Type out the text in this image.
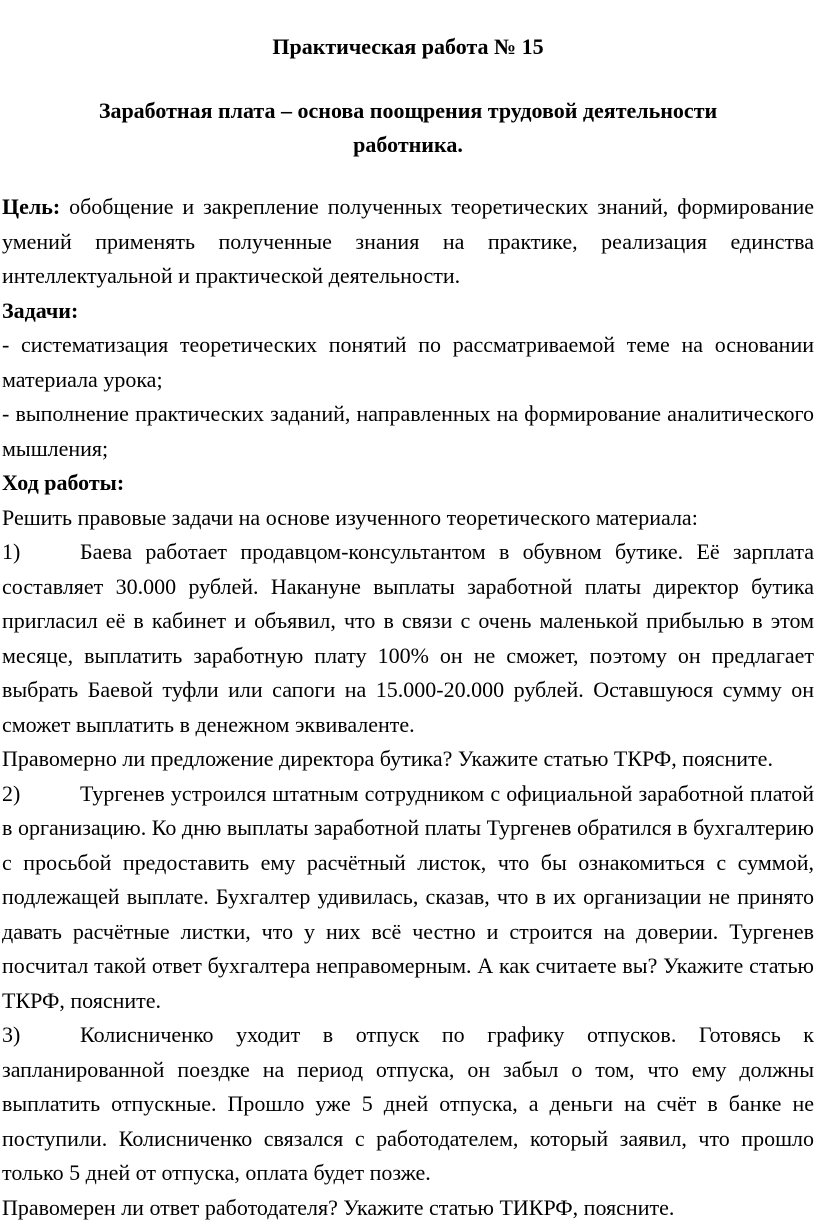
Практическая работа № 15
Заработная плата – основа поощрения трудовой деятельности работника.

Цель: обобщение и закрепление полученных теоретических знаний, формирование умений применять полученные знания на практике, реализация единства интеллектуальной и практической деятельности.

Задачи:

- систематизация теоретических понятий по рассматриваемой теме на основании материала урока;

- выполнение практических заданий, направленных на формирование аналитического мышления;

Ход работы:

Решить правовые задачи на основе изученного теоретического материала:

1)	Баева работает продавцом-консультантом в обувном бутике. Её зарплата составляет 30.000 рублей. Накануне выплаты заработной платы директор бутика пригласил её в кабинет и объявил, что в связи с очень маленькой прибылью в этом месяце, выплатить заработную плату 100% он не сможет, поэтому он предлагает выбрать Баевой туфли или сапоги на 15.000-20.000 рублей. Оставшуюся сумму он сможет выплатить в денежном эквиваленте.

Правомерно ли предложение директора бутика? Укажите статью ТКРФ, поясните.

2)	Тургенев устроился штатным сотрудником с официальной заработной платой в организацию. Ко дню выплаты заработной платы Тургенев обратился в бухгалтерию с просьбой предоставить ему расчётный листок, что бы ознакомиться с суммой, подлежащей выплате. Бухгалтер удивилась, сказав, что в их организации не принято давать расчётные листки, что у них всё честно и строится на доверии. Тургенев посчитал такой ответ бухгалтера неправомерным. А как считаете вы? Укажите статью ТКРФ, поясните.

3)	Колисниченко уходит в отпуск по графику отпусков. Готовясь к запланированной поездке на период отпуска, он забыл о том, что ему должны выплатить отпускные. Прошло уже 5 дней отпуска, а деньги на счёт в банке не поступили. Колисниченко связался с работодателем, который заявил, что прошло только 5 дней от отпуска, оплата будет позже.

Правомерен ли ответ работодателя? Укажите статью ТИКРФ, поясните.
